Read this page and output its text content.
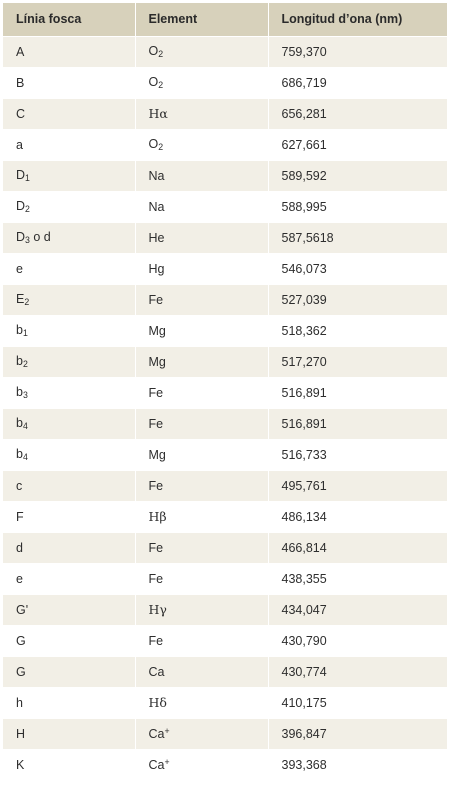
Línia fosca	Element	Longitud d’ona (nm)
A	$O_2$	759,370
B	$O_2$	686,719
C	Hα	656,281
a	$O_2$	627,661
$D_1$	Na	589,592
$D_2$	Na	588,995
$D_3$ o d	He	587,5618
e	Hg	546,073
$E_2$	Fe	527,039
$b_1$	Mg	518,362
$b_2$	Mg	517,270
$b_3$	Fe	516,891
$b_4$	Fe	516,891
$b_4$	Mg	516,733
c	Fe	495,761
F	Hβ	486,134
d	Fe	466,814
e	Fe	438,355
G'	Hγ	434,047
G	Fe	430,790
G	Ca	430,774
h	Hδ	410,175
H	Ca+	396,847
K	Ca+	393,368
